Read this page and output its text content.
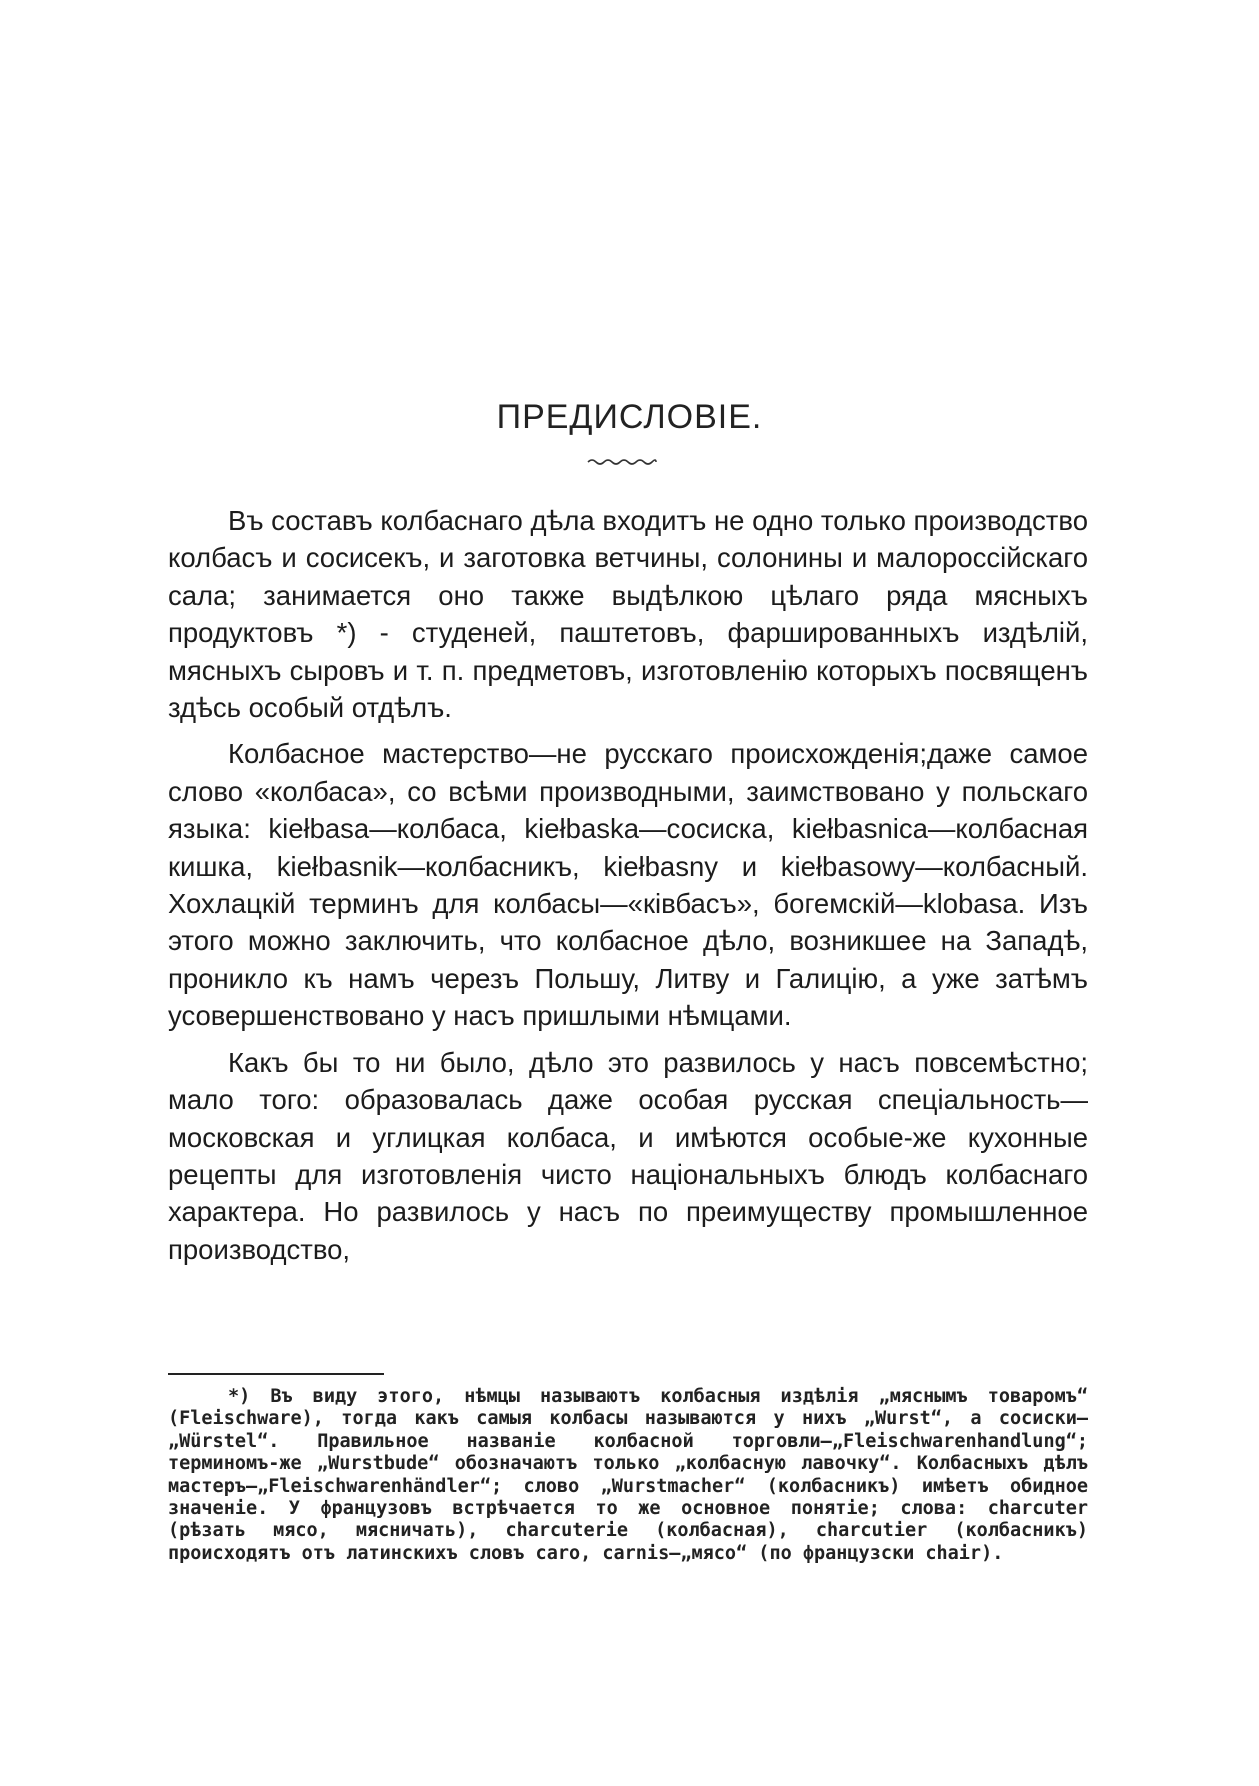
ПРЕДИСЛОВІЕ.

Въ составъ колбаснаго дѣла входитъ не одно только производство колбасъ и сосисекъ, и заготовка ветчины, солонины и малороссійскаго сала; занимается оно также выдѣлкою цѣлаго ряда мясныхъ продуктовъ *) - студеней, паштетовъ, фаршированныхъ издѣлій, мясныхъ сыровъ и т. п. предметовъ, изготовленію которыхъ посвященъ здѣсь особый отдѣлъ.

Колбасное мастерство—не русскаго происхожденія;даже самое слово «колбаса», со всѣми производными, заимствовано у польскаго языка: kiełbasa—колбаса, kiełbaska—сосиска, kiełbasnica—колбасная кишка, kiełbasnik—колбасникъ, kiełbasny и kiełbasowy—колбасный. Хохлацкій терминъ для колбасы—«кiвбасъ», богемскій—klobasa. Изъ этого можно заключить, что колбасное дѣло, возникшее на Западѣ, проникло къ намъ черезъ Польшу, Литву и Галицію, а уже затѣмъ усовершенствовано у насъ пришлыми нѣмцами.

Какъ бы то ни было, дѣло это развилось у насъ повсемѣстно; мало того: образовалась даже особая русская спеціальность—московская и углицкая колбаса, и имѣются особые-же кухонные рецепты для изготовленія чисто національныхъ блюдъ колбаснаго характера. Но развилось у насъ по преимуществу промышленное производство,

*) Въ виду этого, нѣмцы называютъ колбасныя издѣлія „мяснымъ товаромъ“ (Fleischware), тогда какъ самыя колбасы называются у нихъ „Wurst“, а сосиски—„Würstel“. Правильное названіе колбасной торговли—„Fleischwarenhandlung“; терминомъ-же „Wurstbude“ обозначаютъ только „колбасную лавочку“. Колбасныхъ дѣлъ мастеръ—„Fleischwarenhändler“; слово „Wurstmacher“ (колбасникъ) имѣетъ обидное значеніе. У французовъ встрѣчается то же основное понятіе; слова: charcuter (рѣзать мясо, мясничать), charcuterie (колбасная), charcutier (колбасникъ) происходятъ отъ латинскихъ словъ caro, carnis—„мясо“ (по французски chair).
